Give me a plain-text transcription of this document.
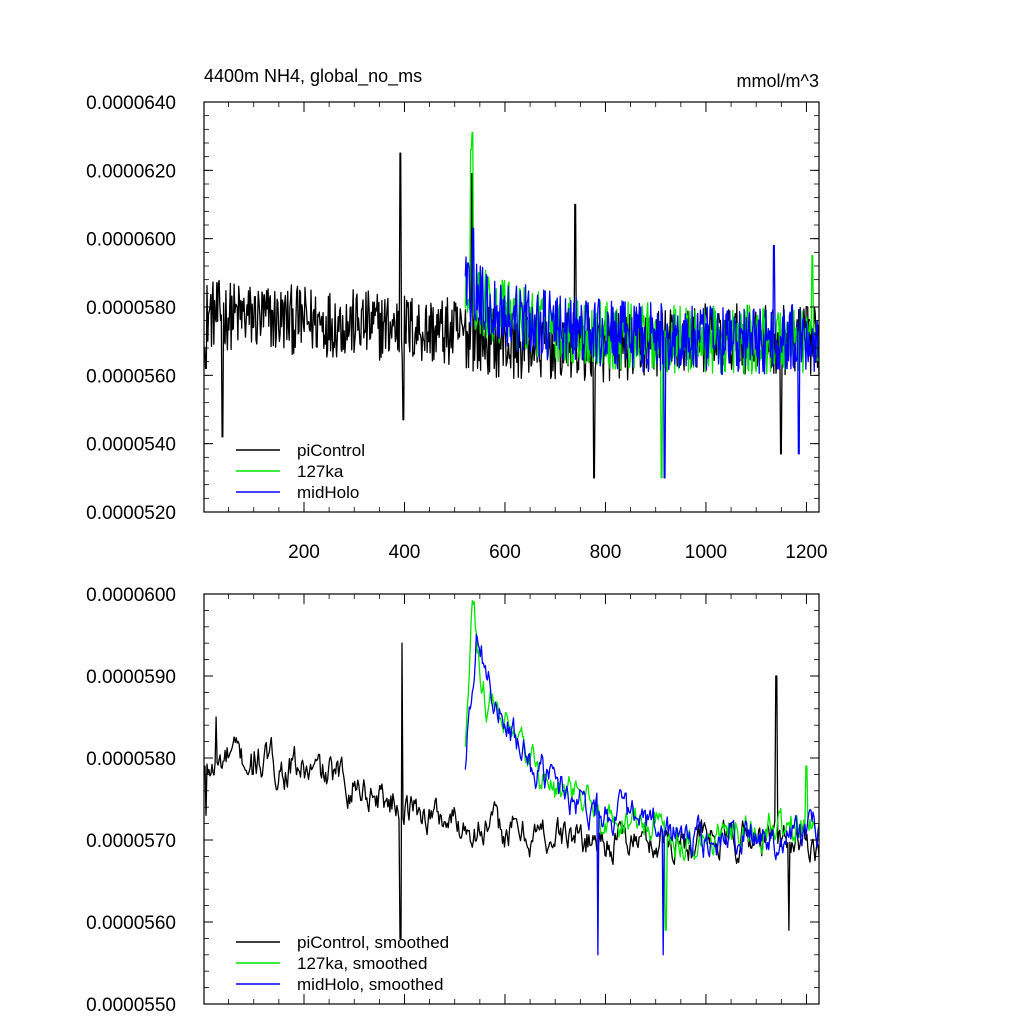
4400m NH4, global_no_ms	mmol/m^3
0.0000520
0.0000540
0.0000560
0.0000580
0.0000600
0.0000620
0.0000640
200	400	600	800	1000	1200
piControl
127ka
midHolo
0.0000550
0.0000560
0.0000570
0.0000580
0.0000590
0.0000600
piControl, smoothed
127ka, smoothed
midHolo, smoothed
